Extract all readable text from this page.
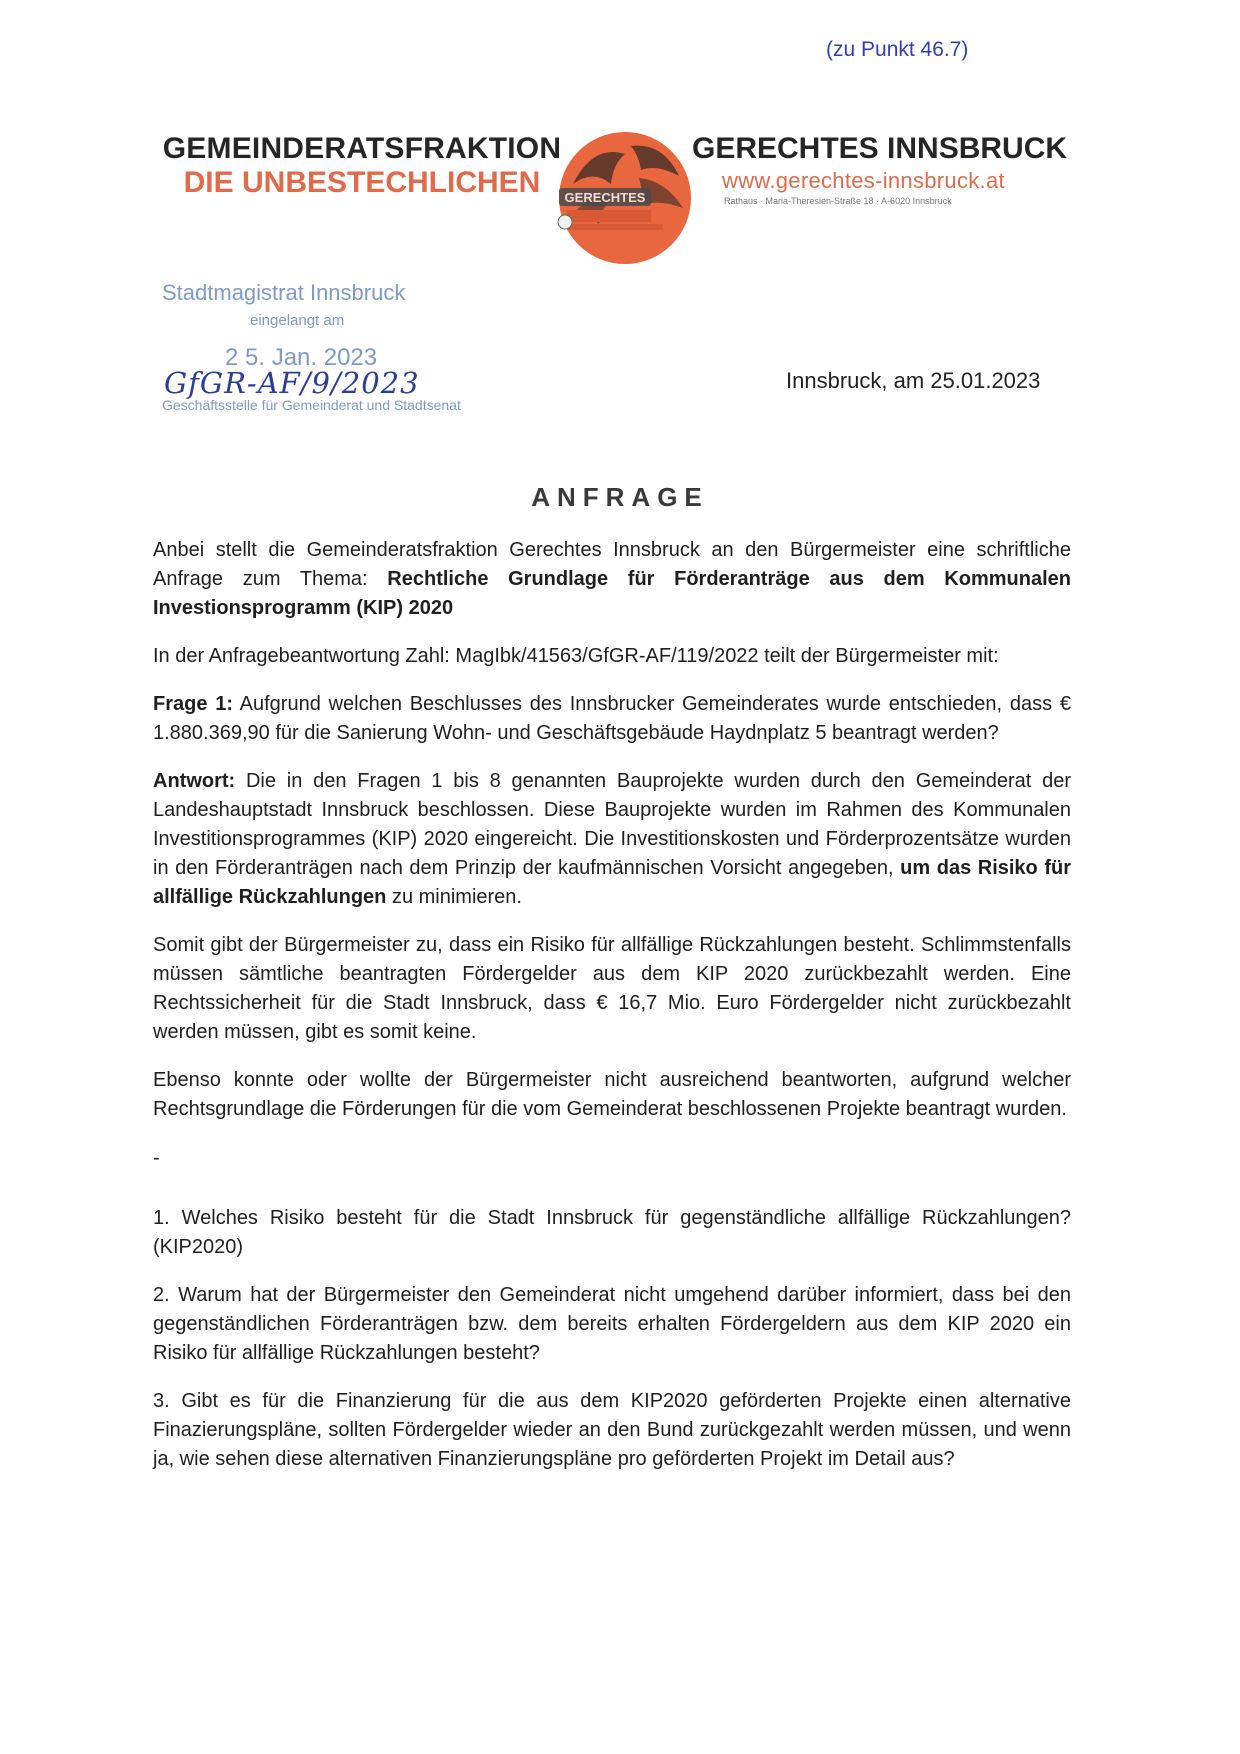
(zu Punkt 46.7)
GEMEINDERATSFRAKTION
DIE UNBESTECHLICHEN	GERECHTES
GERECHTES INNSBRUCK
www.gerechtes-innsbruck.at
Rathaus · Maria-Theresien-Straße 18 · A-6020 Innsbruck
Stadtmagistrat Innsbruck
eingelangt am
2 5. Jan. 2023
Geschäftsstelle für Gemeinderat und Stadtsenat
GfGR-AF/9/2023	Innsbruck, am 25.01.2023
ANFRAGE

Anbei stellt die Gemeinderatsfraktion Gerechtes Innsbruck an den Bürgermeister eine schriftliche Anfrage zum Thema: Rechtliche Grundlage für Förderanträge aus dem Kommunalen Investionsprogramm (KIP) 2020

In der Anfragebeantwortung Zahl: MagIbk/41563/GfGR-AF/119/2022 teilt der Bürgermeister mit:

Frage 1: Aufgrund welchen Beschlusses des Innsbrucker Gemeinderates wurde entschieden, dass € 1.880.369,90 für die Sanierung Wohn- und Geschäftsgebäude Haydnplatz 5 beantragt werden?

Antwort: Die in den Fragen 1 bis 8 genannten Bauprojekte wurden durch den Gemeinderat der Landeshauptstadt Innsbruck beschlossen. Diese Bauprojekte wurden im Rahmen des Kommunalen Investitionsprogrammes (KIP) 2020 eingereicht. Die Investitionskosten und Förderprozentsätze wurden in den Förderanträgen nach dem Prinzip der kaufmännischen Vorsicht angegeben, um das Risiko für allfällige Rückzahlungen zu minimieren.

Somit gibt der Bürgermeister zu, dass ein Risiko für allfällige Rückzahlungen besteht. Schlimmstenfalls müssen sämtliche beantragten Fördergelder aus dem KIP 2020 zurückbezahlt werden. Eine Rechtssicherheit für die Stadt Innsbruck, dass € 16,7 Mio. Euro Fördergelder nicht zurückbezahlt werden müssen, gibt es somit keine.

Ebenso konnte oder wollte der Bürgermeister nicht ausreichend beantworten, aufgrund welcher Rechtsgrundlage die Förderungen für die vom Gemeinderat beschlossenen Projekte beantragt wurden.

-

1. Welches Risiko besteht für die Stadt Innsbruck für gegenständliche allfällige Rückzahlungen? (KIP2020)

2. Warum hat der Bürgermeister den Gemeinderat nicht umgehend darüber informiert, dass bei den gegenständlichen Förderanträgen bzw. dem bereits erhalten Fördergeldern aus dem KIP 2020 ein Risiko für allfällige Rückzahlungen besteht?

3. Gibt es für die Finanzierung für die aus dem KIP2020 geförderten Projekte einen alternative Finazierungspläne, sollten Fördergelder wieder an den Bund zurückgezahlt werden müssen, und wenn ja, wie sehen diese alternativen Finanzierungspläne pro geförderten Projekt im Detail aus?
